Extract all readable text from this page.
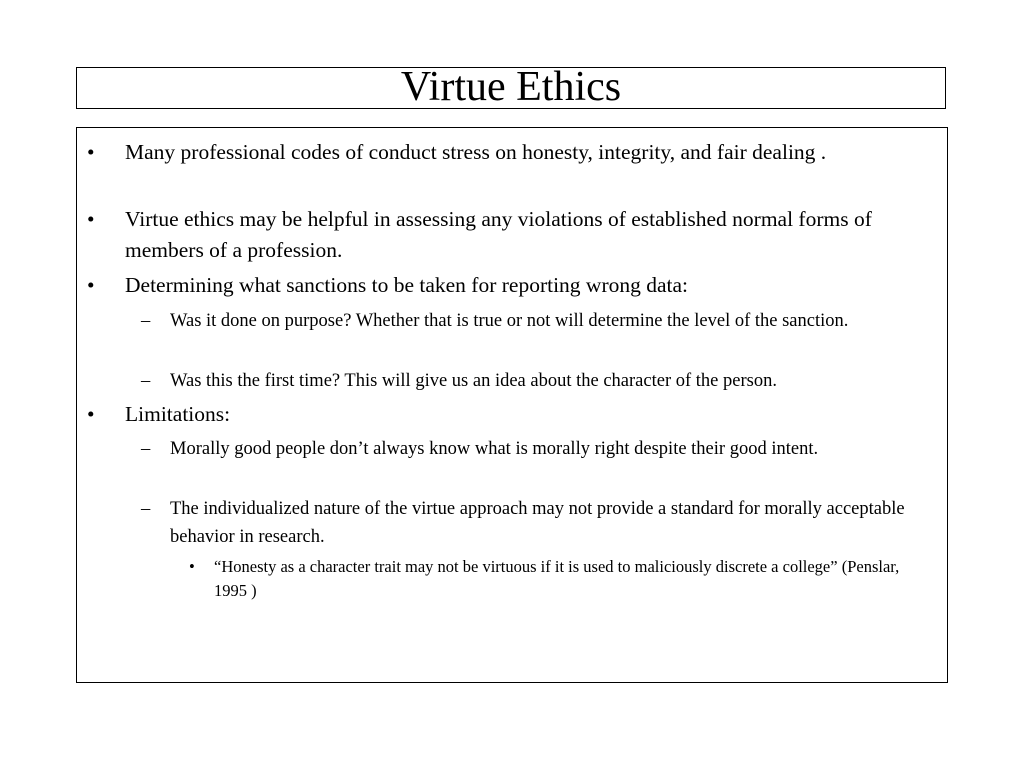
Virtue Ethics

• Many professional codes of conduct stress on honesty, integrity, and fair dealing .

• Virtue ethics may be helpful in assessing any violations of established normal forms of members of a profession.

• Determining what sanctions to be taken for reporting wrong data:

– Was it done on purpose? Whether that is true or not will determine the level of the sanction.

– Was this the first time? This will give us an idea about the character of the person.

• Limitations:

– Morally good people don’t always know what is morally right despite their good intent.

– The individualized nature of the virtue approach may not provide a standard for morally acceptable behavior in research.

• “Honesty as a character trait may not be virtuous if it is used to maliciously discrete a college” (Penslar, 1995 )
